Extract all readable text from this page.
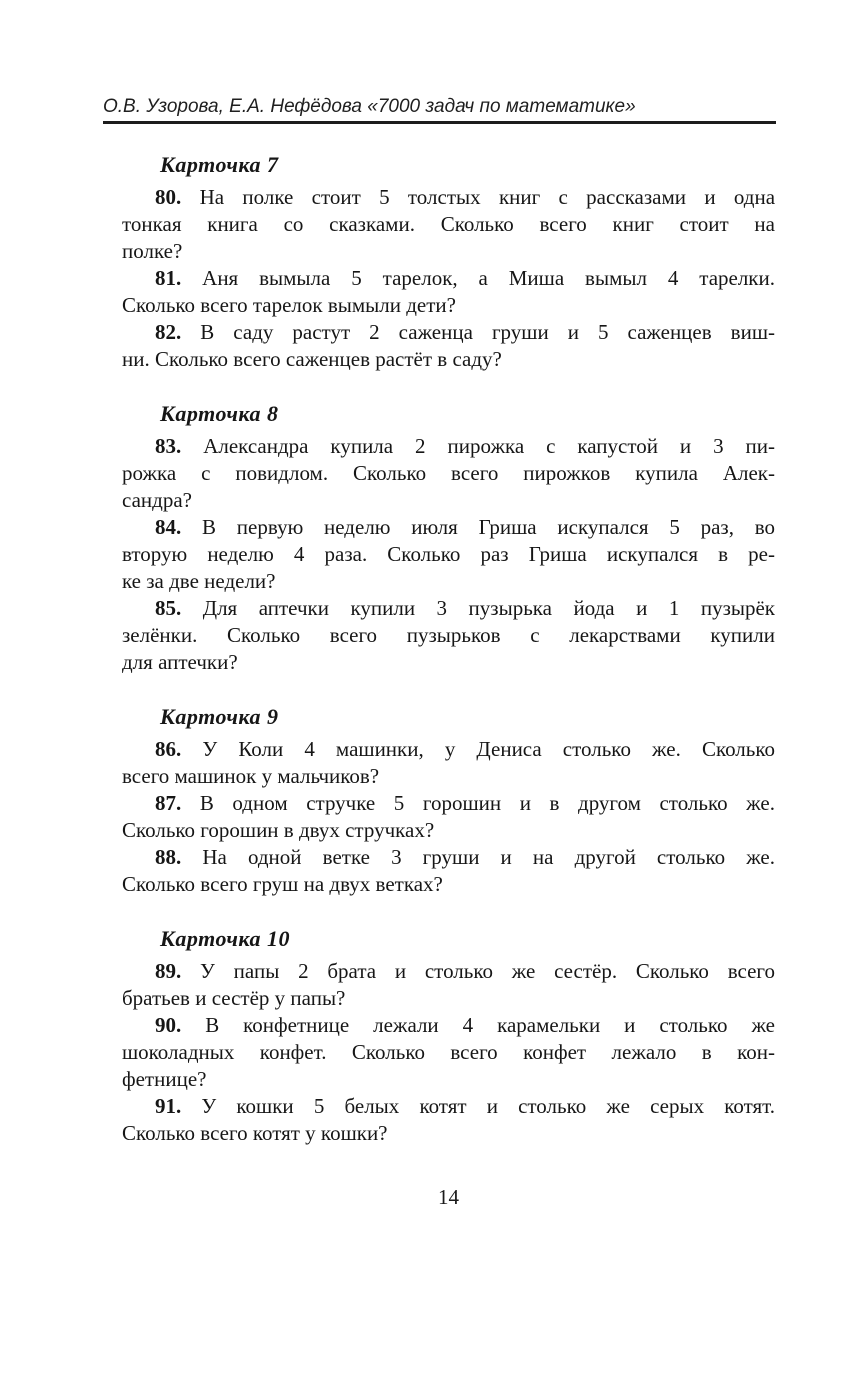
О.В. Узорова, Е.А. Нефёдова «7000 задач по математике»
Карточка 7
80. На полке стоит 5 толстых книг с рассказами и одна
тонкая книга со сказками. Сколько всего книг стоит на
полке?
81. Аня вымыла 5 тарелок, а Миша вымыл 4 тарелки.
Сколько всего тарелок вымыли дети?
82. В саду растут 2 саженца груши и 5 саженцев виш-
ни. Сколько всего саженцев растёт в саду?
Карточка 8
83. Александра купила 2 пирожка с капустой и 3 пи-
рожка с повидлом. Сколько всего пирожков купила Алек-
сандра?
84. В первую неделю июля Гриша искупался 5 раз, во
вторую неделю 4 раза. Сколько раз Гриша искупался в ре-
ке за две недели?
85. Для аптечки купили 3 пузырька йода и 1 пузырёк
зелёнки. Сколько всего пузырьков с лекарствами купили
для аптечки?
Карточка 9
86. У Коли 4 машинки, у Дениса столько же. Сколько
всего машинок у мальчиков?
87. В одном стручке 5 горошин и в другом столько же.
Сколько горошин в двух стручках?
88. На одной ветке 3 груши и на другой столько же.
Сколько всего груш на двух ветках?
Карточка 10
89. У папы 2 брата и столько же сестёр. Сколько всего
братьев и сестёр у папы?
90. В конфетнице лежали 4 карамельки и столько же
шоколадных конфет. Сколько всего конфет лежало в кон-
фетнице?
91. У кошки 5 белых котят и столько же серых котят.
Сколько всего котят у кошки?
14
